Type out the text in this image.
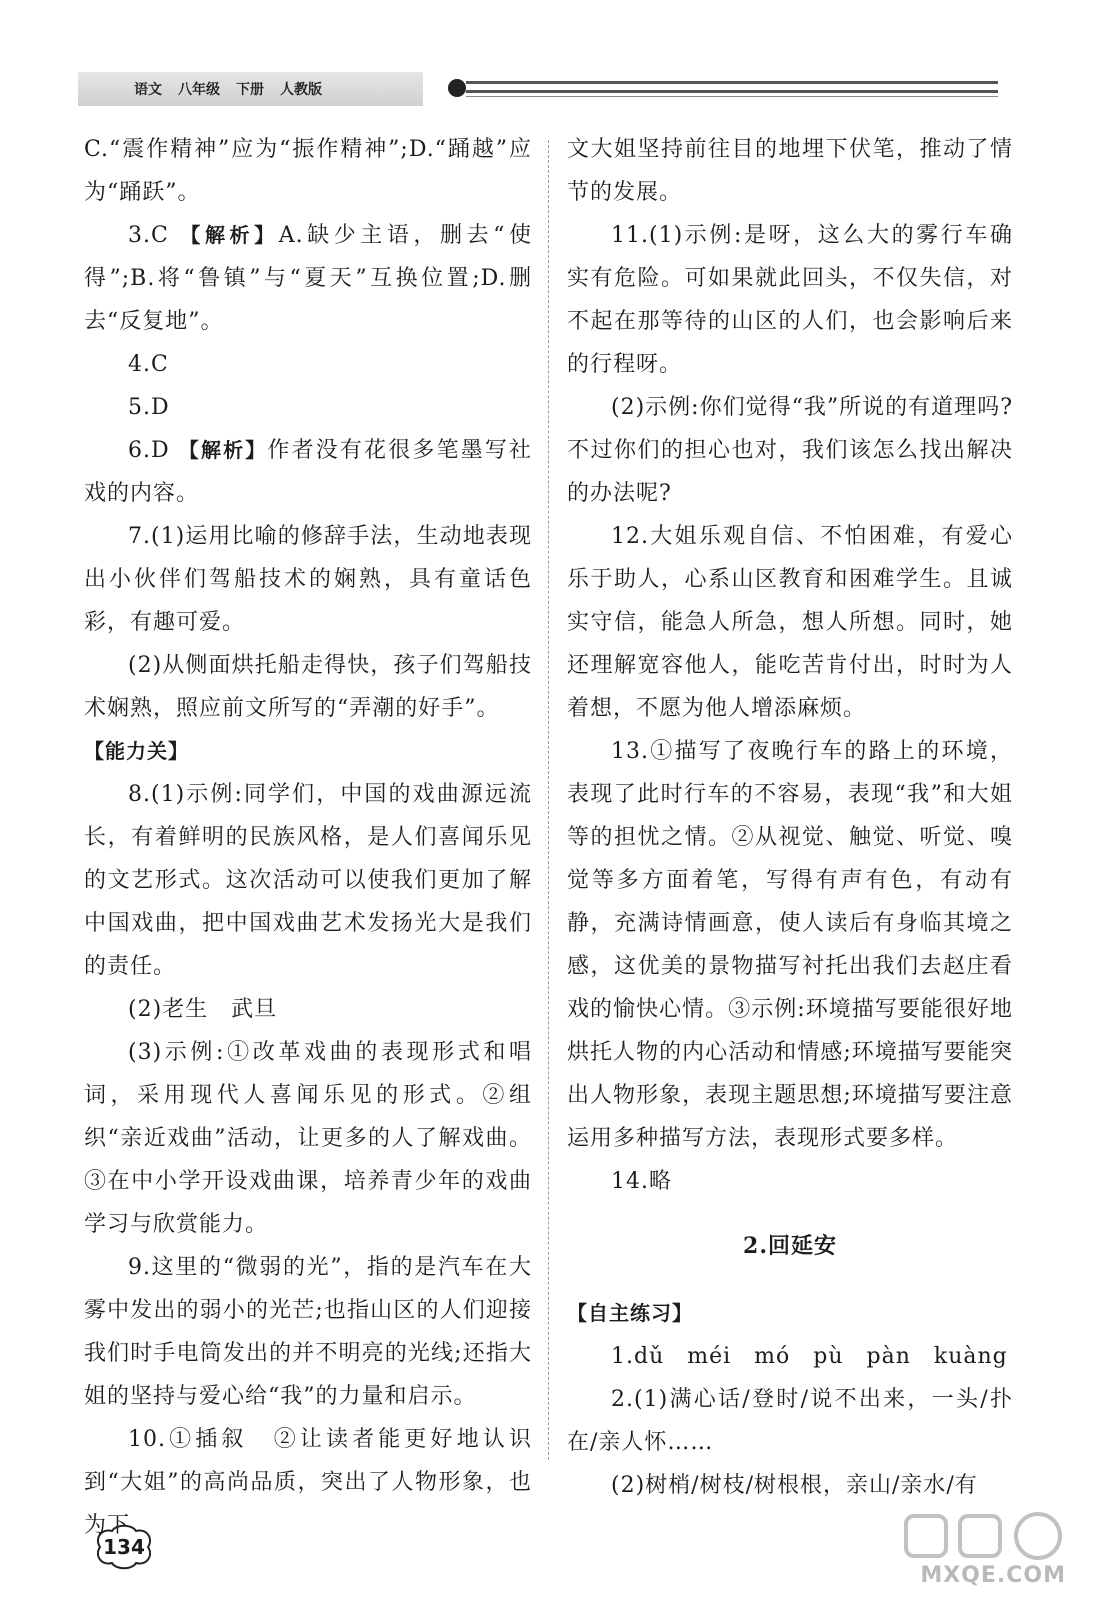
语文 八年级 下册 人教版

C.“震作精神”应为“振作精神”;D.“踊越”应为“踊跃”。

3.C 【解析】A.缺少主语，删去“使得”;B.将“鲁镇”与“夏天”互换位置;D.删去“反复地”。

4.C

5.D

6.D 【解析】作者没有花很多笔墨写社戏的内容。

7.(1)运用比喻的修辞手法，生动地表现出小伙伴们驾船技术的娴熟，具有童话色彩，有趣可爱。

(2)从侧面烘托船走得快，孩子们驾船技术娴熟，照应前文所写的“弄潮的好手”。

【能力关】

8.(1)示例:同学们，中国的戏曲源远流长，有着鲜明的民族风格，是人们喜闻乐见的文艺形式。这次活动可以使我们更加了解中国戏曲，把中国戏曲艺术发扬光大是我们的责任。

(2)老生　武旦

(3)示例:①改革戏曲的表现形式和唱词，采用现代人喜闻乐见的形式。②组织“亲近戏曲”活动，让更多的人了解戏曲。③在中小学开设戏曲课，培养青少年的戏曲学习与欣赏能力。

9.这里的“微弱的光”，指的是汽车在大雾中发出的弱小的光芒;也指山区的人们迎接我们时手电筒发出的并不明亮的光线;还指大姐的坚持与爱心给“我”的力量和启示。

10.①插叙　②让读者能更好地认识到“大姐”的高尚品质，突出了人物形象，也为下

文大姐坚持前往目的地埋下伏笔，推动了情节的发展。

11.(1)示例:是呀，这么大的雾行车确实有危险。可如果就此回头，不仅失信，对不起在那等待的山区的人们，也会影响后来的行程呀。

(2)示例:你们觉得“我”所说的有道理吗?不过你们的担心也对，我们该怎么找出解决的办法呢?

12.大姐乐观自信、不怕困难，有爱心乐于助人，心系山区教育和困难学生。且诚实守信，能急人所急，想人所想。同时，她还理解宽容他人，能吃苦肯付出，时时为人着想，不愿为他人增添麻烦。

13.①描写了夜晚行车的路上的环境，表现了此时行车的不容易，表现“我”和大姐等的担忧之情。②从视觉、触觉、听觉、嗅觉等多方面着笔，写得有声有色，有动有静，充满诗情画意，使人读后有身临其境之感，这优美的景物描写衬托出我们去赵庄看戏的愉快心情。③示例:环境描写要能很好地烘托人物的内心活动和情感;环境描写要能突出人物形象，表现主题思想;环境描写要注意运用多种描写方法，表现形式要多样。

14.略

2.回延安

【自主练习】

1.dǔ　méi　mó　pù　pàn　kuàng

2.(1)满心话/登时/说不出来，一头/扑在/亲人怀……

(2)树梢/树枝/树根根，亲山/亲水/有

134
MXQE.COM
